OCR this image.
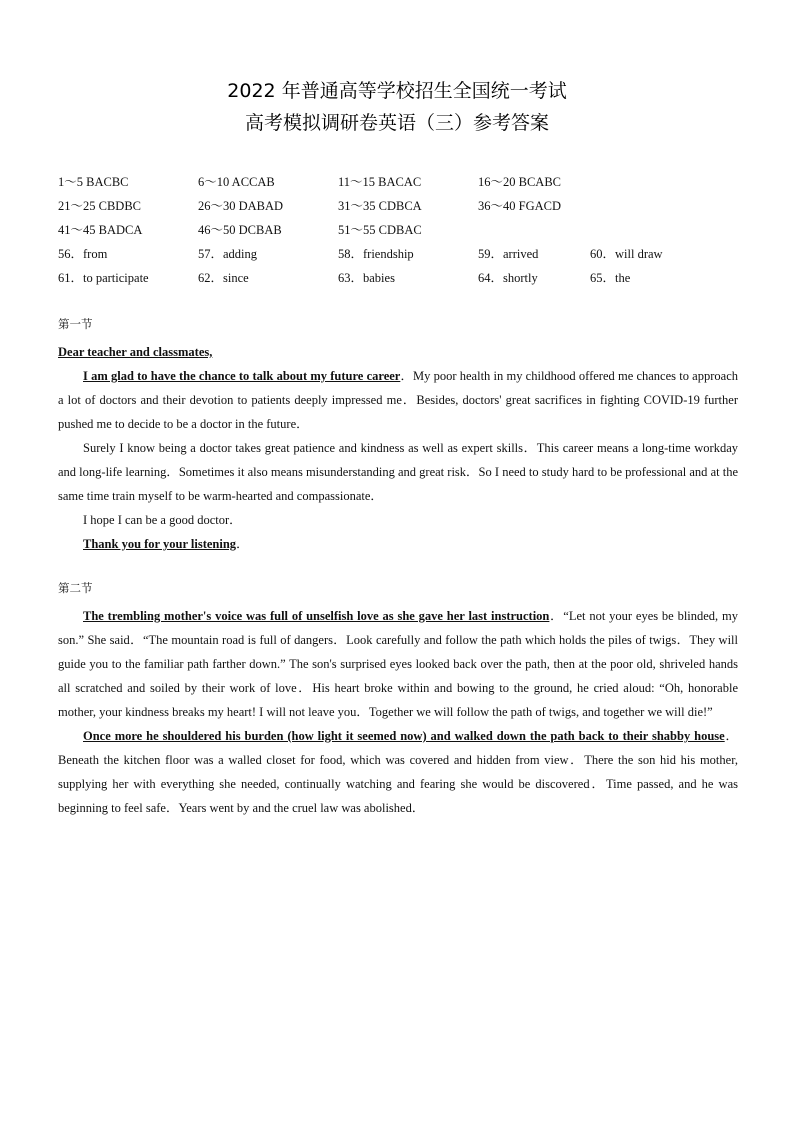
2022 年普通高等学校招生全国统一考试
高考模拟调研卷英语（三）参考答案
1～5 BACBC	6～10 ACCAB	11～15 BACAC	16～20 BCABC
21～25 CBDBC	26～30 DABAD	31～35 CDBCA	36～40 FGACD
41～45 BADCA	46～50 DCBAB	51～55 CDBAC
56．from	57．adding	58．friendship	59．arrived	60．will draw
61．to participate	62．since	63．babies	64．shortly	65．the
第一节

Dear teacher and classmates,

I am glad to have the chance to talk about my future career．My poor health in my childhood offered me chances to approach a lot of doctors and their devotion to patients deeply impressed me．Besides, doctors' great sacrifices in fighting COVID-19 further pushed me to decide to be a doctor in the future．

Surely I know being a doctor takes great patience and kindness as well as expert skills．This career means a long-time workday and long-life learning．Sometimes it also means misunderstanding and great risk．So I need to study hard to be professional and at the same time train myself to be warm-hearted and compassionate．

I hope I can be a good doctor．

Thank you for your listening．

第二节

The trembling mother's voice was full of unselfish love as she gave her last instruction．“Let not your eyes be blinded, my son.” She said．“The mountain road is full of dangers．Look carefully and follow the path which holds the piles of twigs．They will guide you to the familiar path farther down.” The son's surprised eyes looked back over the path, then at the poor old, shriveled hands all scratched and soiled by their work of love．His heart broke within and bowing to the ground, he cried aloud: “Oh, honorable mother, your kindness breaks my heart! I will not leave you．Together we will follow the path of twigs, and together we will die!”

Once more he shouldered his burden (how light it seemed now) and walked down the path back to their shabby house．Beneath the kitchen floor was a walled closet for food, which was covered and hidden from view．There the son hid his mother, supplying her with everything she needed, continually watching and fearing she would be discovered．Time passed, and he was beginning to feel safe．Years went by and the cruel law was abolished．
